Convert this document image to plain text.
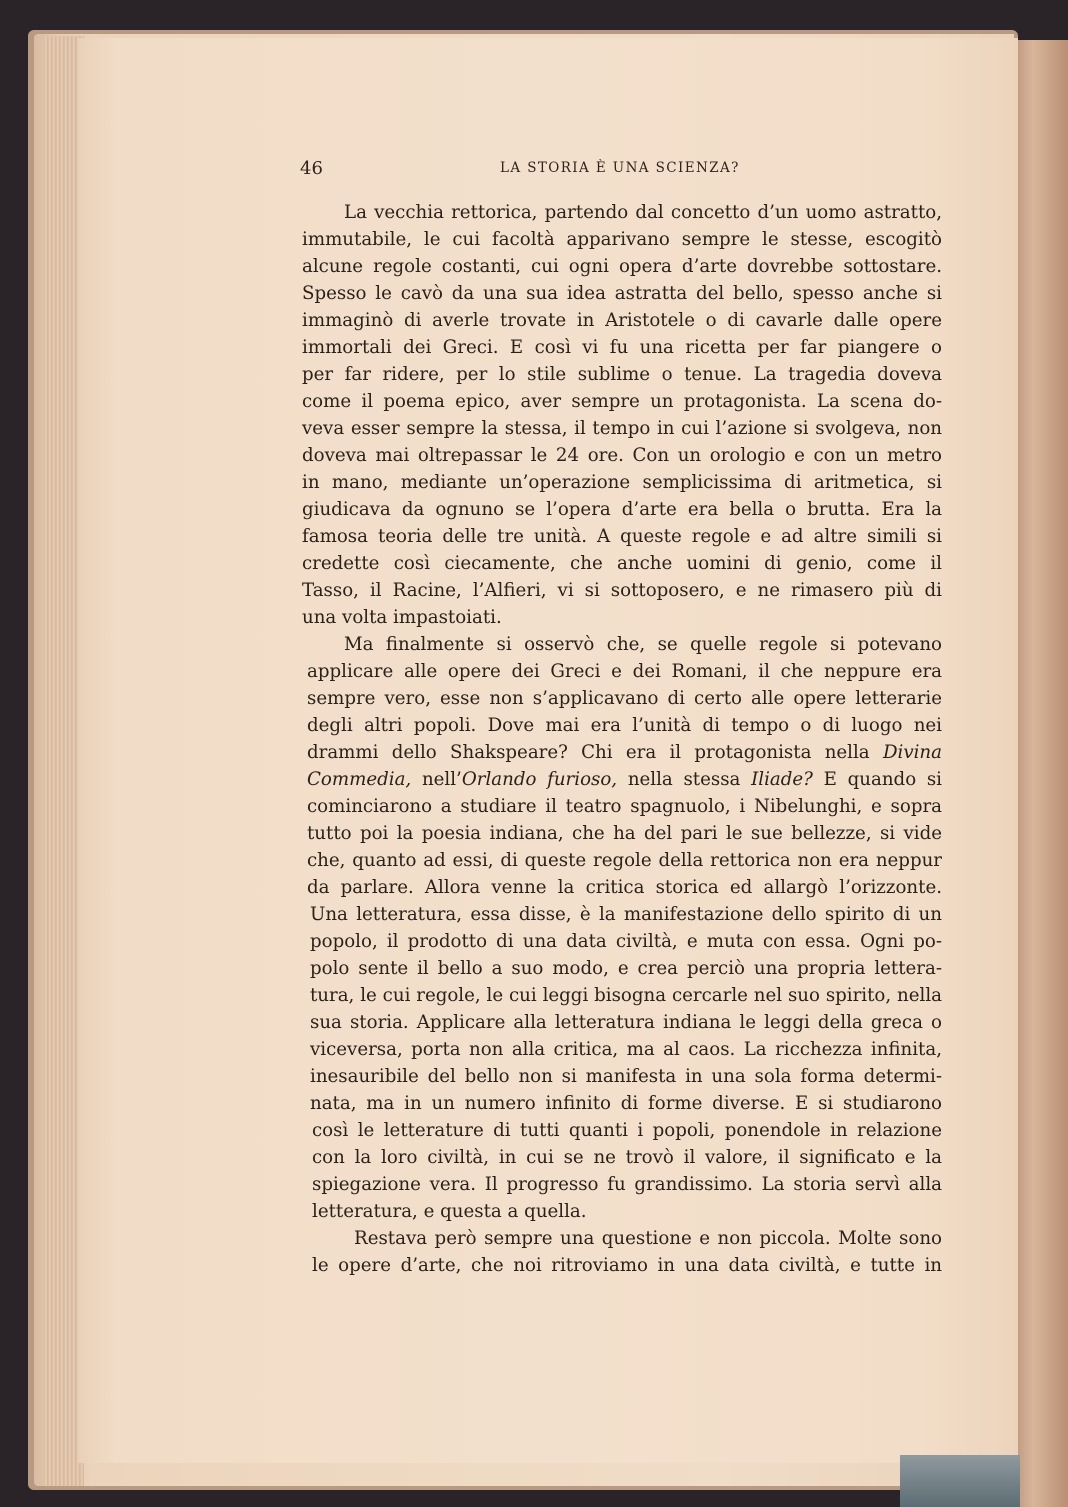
46	LA STORIA È UNA SCIENZA?
La vecchia rettorica, partendo dal concetto d’un uomo astratto,
immutabile, le cui facoltà apparivano sempre le stesse, escogitò
alcune regole costanti, cui ogni opera d’arte dovrebbe sottostare.
Spesso le cavò da una sua idea astratta del bello, spesso anche si
immaginò di averle trovate in Aristotele o di cavarle dalle opere
immortali dei Greci. E così vi fu una ricetta per far piangere o
per far ridere, per lo stile sublime o tenue. La tragedia doveva
come il poema epico, aver sempre un protagonista. La scena do-
veva esser sempre la stessa, il tempo in cui l’azione si svolgeva, non
doveva mai oltrepassar le 24 ore. Con un orologio e con un metro
in mano, mediante un’operazione semplicissima di aritmetica, si
giudicava da ognuno se l’opera d’arte era bella o brutta. Era la
famosa teoria delle tre unità. A queste regole e ad altre simili si
credette così ciecamente, che anche uomini di genio, come il
Tasso, il Racine, l’Alfieri, vi si sottoposero, e ne rimasero più di
una volta impastoiati.
Ma finalmente si osservò che, se quelle regole si potevano
applicare alle opere dei Greci e dei Romani, il che neppure era
sempre vero, esse non s’applicavano di certo alle opere letterarie
degli altri popoli. Dove mai era l’unità di tempo o di luogo nei
drammi dello Shakspeare? Chi era il protagonista nella Divina
Commedia, nell’Orlando furioso, nella stessa Iliade? E quando si
cominciarono a studiare il teatro spagnuolo, i Nibelunghi, e sopra
tutto poi la poesia indiana, che ha del pari le sue bellezze, si vide
che, quanto ad essi, di queste regole della rettorica non era neppur
da parlare. Allora venne la critica storica ed allargò l’orizzonte.
Una letteratura, essa disse, è la manifestazione dello spirito di un
popolo, il prodotto di una data civiltà, e muta con essa. Ogni po-
polo sente il bello a suo modo, e crea perciò una propria lettera-
tura, le cui regole, le cui leggi bisogna cercarle nel suo spirito, nella
sua storia. Applicare alla letteratura indiana le leggi della greca o
viceversa, porta non alla critica, ma al caos. La ricchezza infinita,
inesauribile del bello non si manifesta in una sola forma determi-
nata, ma in un numero infinito di forme diverse. E si studiarono
così le letterature di tutti quanti i popoli, ponendole in relazione
con la loro civiltà, in cui se ne trovò il valore, il significato e la
spiegazione vera. Il progresso fu grandissimo. La storia servì alla
letteratura, e questa a quella.
Restava però sempre una questione e non piccola. Molte sono
le opere d’arte, che noi ritroviamo in una data civiltà, e tutte in
